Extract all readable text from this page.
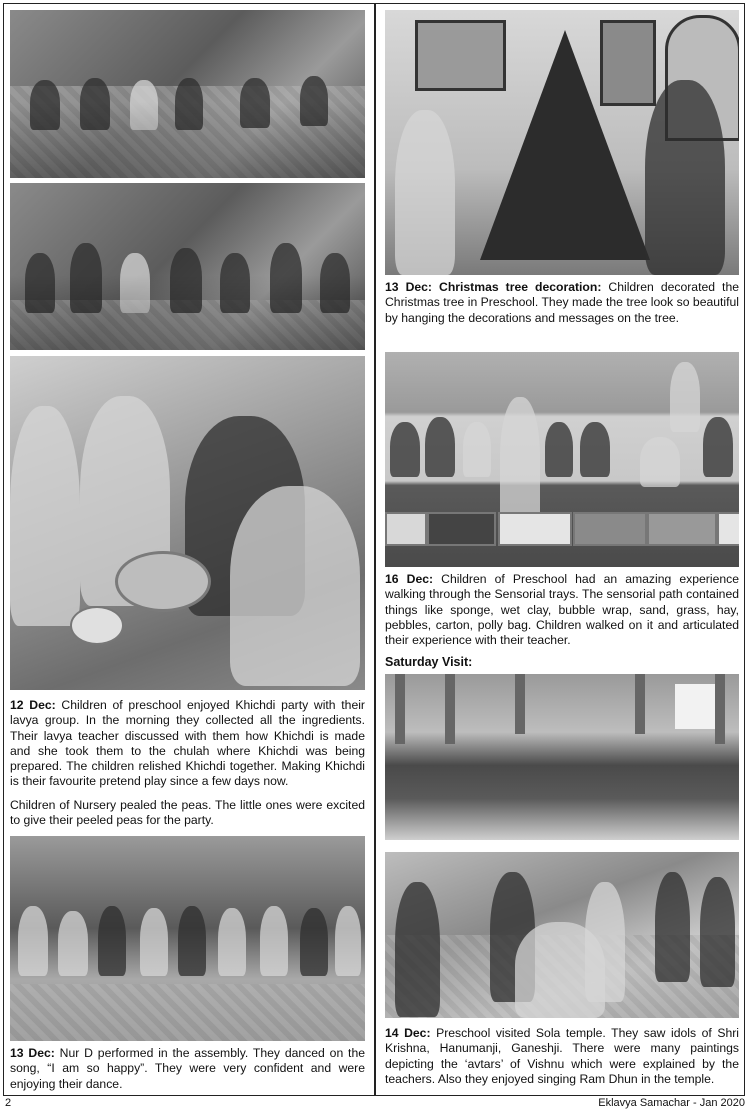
12 Dec: Children of preschool enjoyed Khichdi party with their lavya group. In the morning they collected all the ingredients. Their lavya teacher discussed with them how Khichdi is made and she took them to the chulah where Khichdi was being prepared. The children relished Khichdi together. Making Khichdi is their favourite pretend play since a few days now.
Children of Nursery pealed the peas. The little ones were excited to give their peeled peas for the party.
13 Dec: Nur D performed in the assembly. They danced on the song, “I am so happy”. They were very confident and were enjoying their dance.
13 Dec: Christmas tree decoration: Children decorated the Christmas tree in Preschool. They made the tree look so beautiful by hanging the decorations and messages on the tree.
16 Dec: Children of Preschool had an amazing experience walking through the Sensorial trays. The sensorial path contained things like sponge, wet clay, bubble wrap, sand, grass, hay, pebbles, carton, polly bag. Children walked on it and articulated their experience with their teacher.
Saturday Visit:
14 Dec: Preschool visited Sola temple. They saw idols of Shri Krishna, Hanumanji, Ganeshji. There were many paintings depicting the ‘avtars’ of Vishnu which were explained by the teachers. Also they enjoyed singing Ram Dhun in the temple.
2	Eklavya Samachar - Jan 2020
